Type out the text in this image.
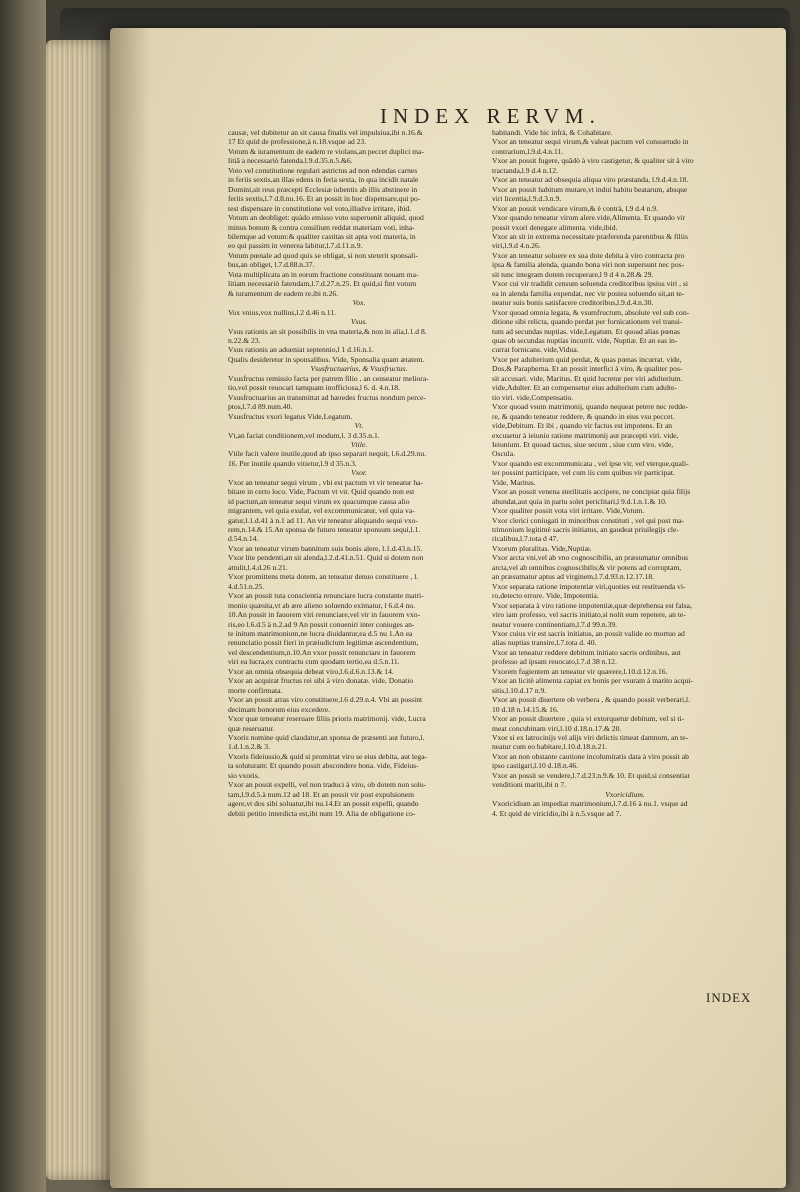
INDEX RERVM.
causæ, vel dubitetur an sit causa finalis vel impulsiua,ibi n.16.&
17 Et quid de professione,à n.18.vsque ad 23.
Votum & iuramentum de eadem re violans,an peccet duplici ma-
litiâ a necessariò fatenda.l.9.d.35.n.5.&6.
Voto vel constitutione regulari astrictus ad non edendas carnes
in feriis sextis,an illas edens in feria sexta, in qua incidit natale
Domini,sit reus præcepti Ecclesiæ iubentis ab illis abstinere in
feriis sextis,l.7 d.8.nu.16. Et an possit in hoc dispensare,qui po-
test dispensare in constitutione vel voto,illudve irritare, ibid.
Votum an deobliget: quàdo emisso voto superuenit aliquid, quod
minus bonum & contra consilium reddat materiam voti, inha-
bilemque ad votum:& qualiter castitas sit apta voti materia, in
eo qui passim in venerea labitur,l.7.d.11.n.9.
Votum pœnale ad quod quis se obligat, si non steterit sponsali-
bus,an obliget, l.7.d.88.n.37.
Vota multiplicata an in eorum fractione constituant nouam ma-
litiam necessariò fatendam,l.7.d.27.n.25. Et quid,si fint votum
& iuramentum de eadem re,ibi n.26.
Vox.
Vox vnius,vox nullius,l.2 d.46 n.11.
Vsus.
Vsus rationis an sit possibilis in vna materia,& non in alia,l.1.d 8.
n.22.& 23.
Vsus rationis an adueniat septennio,l 1 d.16.n.1.
Qualis desideretur in sponsalibus. Vide, Sponsalia quam ætatem.
Vsusfructuarius, & Vsusfructus.
Vsusfructus remissio facta per patrem filio , an censeatur meliora-
tio,vel possit reuocari tamquam inofficiosa,l 6. d. 4.n.18.
Vsusfructuarius an transmittat ad hæredes fructus nondum perce-
ptos,l.7.d 89.num.40.
Vsusfructus vxori legatus Vide,Legatum.
Vt.
Vt,an faciat conditionem,vel modum,l. 3 d.35.n.1.
Vtile.
Vtile facit valere inutile,quod ab ipso separari nequit, l.6.d.29.nu.
16. Per inutile quando vitietur,l.9 d 35.n.3.
Vxor.
Vxor an teneatur sequi virum , vbi est pactum vt vir teneatur ha-
bitare in certo loco. Vide, Pactum vt vir. Quid quando non est
id pactum,an teneatur sequi virum ex quacumque causa alio
migrantem, vel quia exulat, vel excommunicatur, vel quia va-
gatur,l.1.d.41 à n.1 ad 11. An vir teneatur aliquando sequi vxo-
rem,n.14.& 15.An sponsa de futuro teneatur sponsum sequi,l.1.
d.54.n.14.
Vxor an teneatur virum bannitum suis bonis alere, l.1.d.43.n.15.
Vxor lite pendenti,an sit alenda,l.2.d.41.n.51. Quid si dotem non
attulit,l.4.d.26 n.21.
Vxor promittens meta dotem, an teneatur denuo constituere , l.
4.d.51.n.25.
Vxor an possit tuta conscientia renunciare lucra constante matri-
monio quæsita,vt ab ære alieno soluendo eximatur, l 6.d.4 nu.
10.An possit in fauorem viri renunciare,vel vir in fauorem vxo-
ris,eo l.6.d.5 à n.2.ad 9 An possit conueniri inter coniuges an-
te initum matrimonium,ne lucra diuidantur,ea d.5 nu 1.An ea
renunciatio possit fieri in præiudicium legitimæ ascendentium,
vel descendentium,n.10.An vxor possit renunciare in fauorem
viri ea lucra,ex contractu cum quodam tertio,ea d.5.n.11.
Vxor an omnia obsequia debeat viro,l.6.d.6.n.13.& 14.
Vxor an acquirat fructus rei sibi à viro donatæ. vide, Donatio
morte confirmata.
Vxor an possit arras viro constituere,l.6 d.29.n.4. Vbi an possint
decimam bonorum eius excedere.
Vxor quæ teneatur reseruare filiis prioris matrimonij. vide, Lucra
quæ reseruatur.
Vxoris nomine quid claudatur,an sponsa de præsenti aut futuro,l.
1.d.1.n.2.& 3.
Vxoris fideiussio,& quid si promittat viro se eius debita, aut lega-
ta soluturam: Et quando possit abscondere bona. vide, Fideius-
sio vxoris.
Vxor an possit expelli, vel non traduci à viro, ob dotem non solu-
tam,l.9.d.5.à num.12 ad 18. Et an possit vir post expulsionem
agere,vt dos sibi soluatur,ibi nu.14.Et an possit expelli, quando
debiti petitio interdicta est,ibi num 19. Alia de obligatione co-
habitandi. Vide hic infrà, & Cohabitare.
Vxor an teneatur sequi virum,& valeat pactum vel consuetudo in
contrarium,l.9.d.4.n.11.
Vxor an possit fugere, quãdò à viro castigetur, & qualiter sit à viro
tractanda,l.9 d.4 n.12.
Vxor an teneatur ad obsequia aliqua viro præstanda, l.9.d.4.n.18.
Vxor an possit habitum mutare,vt indui habitu beatarum, absque
viri licentia,l.9.d.3.n.9.
Vxor an possit vendicare virum,& è contrà, l.9 d.4 n.9.
Vxor quando teneatur virum alere.vide,Alimenta. Et quando vir
possit vxori denegare alimenta. vide,ibid.
Vxor an sit in extrema necessitate præferenda parentibus & filiis
viri,l.9.d 4.n.26.
Vxor an teneatur soluere ex sua dote debita à viro contracta pro
ipsa & familia alenda, quando bona viri non supersunt nec pos-
sit tunc integram dotem recuperare,l 9 d 4 n.28.& 29.
Vxor cui vir tradidit censum soluenda creditoribus ipsius viri , si
ea in alenda familia expendat, nec vir postea soluendo sit,an te-
neatur suis bonis satisfacere creditoribus,l.9.d.4.n.30.
Vxor quoad omnia legata, & vsumfructum, absolute vel sub con-
ditione sibi relicta, quando perdat per fornicationem vel transi-
tum ad secundas nuptias. vide,Legatum. Et quoad alias pœnas
quas ob secundas nuptias incurrit. vide, Nuptiæ. Et an eas in-
currat fornicans. vide,Vidua.
Vxor per adulterium quid perdat, & quas pœnas incurrat. vide,
Dos,& Parapherna. Et an possit interfici à viro, & qualiter pos-
sit accusari. vide, Maritus. Et quid lucretur per viri adulterium.
vide,Adulter. Et an compensetur eius adulterium cum adulte-
tio viri. vide,Compensatio.
Vxor quoad vsum matrimonij, quando nequeat petere nec redde-
re, & quando teneatur reddere, & quando in eius vsu peccet.
vide,Debitum. Et ibi , quando vir factus est impotens. Et an
excusetur à ieiunio ratione matrimonij aut præcepti viri. vide,
Ieiunium. Et quoad tactus, siue secum , siue cum viro. vide,
Oscula.
Vxor quando est excommunicata , vel ipse vir, vel vterque,quali-
ter possint participare, vel cum iis cum quibus vir participat.
Vide, Maritus.
Vxor an possit venena sterilitatis accipere, ne concipiat quia filijs
abundat,aut quia in partu solet periclitari,l 9.d.1.n.1.& 10.
Vxor qualiter possit vota viri irritare. Vide,Votum.
Vxor clerici coniugati in minoribus constituti , vel qui post ma-
trimonium legitimè sacris initiatus, an gaudeat priuilegijs cle-
ricalibus,l.7.tota d 47.
Vxorum pluralitas. Vide,Nuptiæ.
Vxor arcta vni,vel ab vno cognoscibilis, an præsumatur omnibus
arcta,vel ab omnibus cognoscibilis;& vir potens ad corruptam,
an præsumatur aptus ad virginem,l.7.d.93.n.12.17.18.
Vxor separata ratione impotentiæ viri,quoties est restituenda vi-
ro,detecto errore. Vide, Impotentia.
Vxor separata à viro ratione impotentiæ,quæ deprehensa est falsa,
viro iam professo, vel sacris initiato,si nolit eum repetere, an te-
neatur vouere continentiam,l.7.d 99.n.39.
Vxor cuius vir est sacris initiatus, an possit valide eo mortuo ad
alias nuptias transire,l.7.tota d. 40.
Vxor an teneatur reddere debitum initiato sacris ordinibus, aut
professo ad ipsam reuocato,l.7.d 38 n.12.
Vxorem fugientem an teneatur vir quærere,l.10.d.12.n.16.
Vxor an licitè alimenta capiat ex bonis per vsuram à marito acqui-
sitis,l.10.d.17 n.9.
Vxor an possit diuertere ob verbera , & quando possit verberari,l.
10 d.18 n.14.15.& 16.
Vxor an possit diuertere , quia vi extorquetur debitum, vel si ti-
meat concubinam viri,l.10 d.18.n.17.& 20.
Vxor si ex latrocinijs vel alijs viri delictis timeat damnum, an te-
neatur cum eo habitare,l.10.d.18.n.21.
Vxor an non obstante cautione incolumitatis data à viro possit ab
ipso castigari,l.10 d.18.n.46.
Vxor an possit se vendere,l.7.d.23.n.9.& 10. Et quid,si consentiat
venditioni mariti,ibi n 7.
Vxoricidium.
Vxoricidium an impediat matrimonium,l.7.d.16 à nu.1. vsque ad
4. Et quid de viricidio,ibi à n.5.vsque ad 7.
INDEX
